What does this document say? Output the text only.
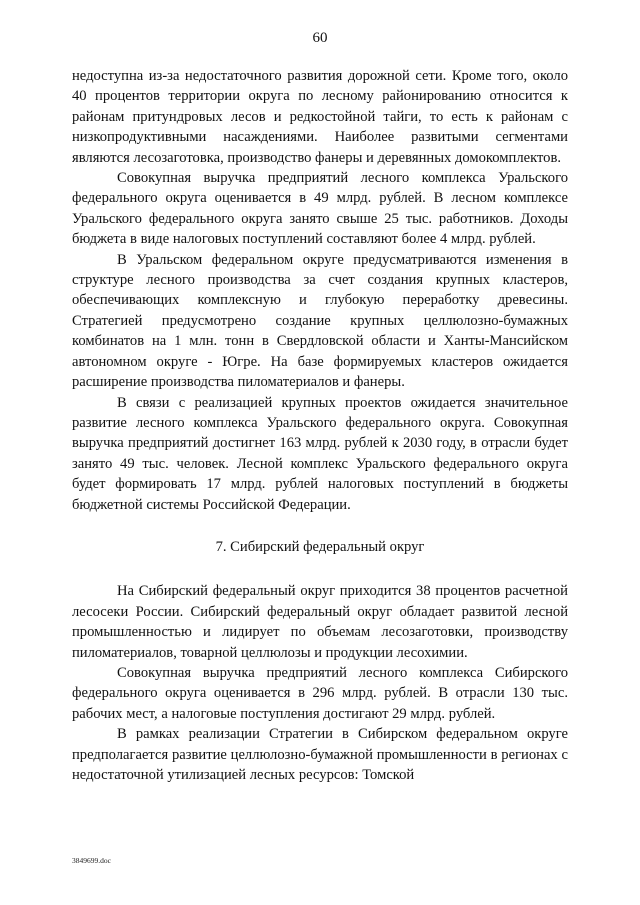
60

недоступна из-за недостаточного развития дорожной сети. Кроме того, около 40 процентов территории округа по лесному районированию относится к районам притундровых лесов и редкостойной тайги, то есть к районам с низкопродуктивными насаждениями. Наиболее развитыми сегментами являются лесозаготовка, производство фанеры и деревянных домокомплектов.

Совокупная выручка предприятий лесного комплекса Уральского федерального округа оценивается в 49 млрд. рублей. В лесном комплексе Уральского федерального округа занято свыше 25 тыс. работников. Доходы бюджета в виде налоговых поступлений составляют более 4 млрд. рублей.

В Уральском федеральном округе предусматриваются изменения в структуре лесного производства за счет создания крупных кластеров, обеспечивающих комплексную и глубокую переработку древесины. Стратегией предусмотрено создание крупных целлюлозно-бумажных комбинатов на 1 млн. тонн в Свердловской области и Ханты-Мансийском автономном округе - Югре. На базе формируемых кластеров ожидается расширение производства пиломатериалов и фанеры.

В связи с реализацией крупных проектов ожидается значительное развитие лесного комплекса Уральского федерального округа. Совокупная выручка предприятий достигнет 163 млрд. рублей к 2030 году, в отрасли будет занято 49 тыс. человек. Лесной комплекс Уральского федерального округа будет формировать 17 млрд. рублей налоговых поступлений в бюджеты бюджетной системы Российской Федерации.

7. Сибирский федеральный округ

На Сибирский федеральный округ приходится 38 процентов расчетной лесосеки России. Сибирский федеральный округ обладает развитой лесной промышленностью и лидирует по объемам лесозаготовки, производству пиломатериалов, товарной целлюлозы и продукции лесохимии.

Совокупная выручка предприятий лесного комплекса Сибирского федерального округа оценивается в 296 млрд. рублей. В отрасли 130 тыс. рабочих мест, а налоговые поступления достигают 29 млрд. рублей.

В рамках реализации Стратегии в Сибирском федеральном округе предполагается развитие целлюлозно-бумажной промышленности в регионах с недостаточной утилизацией лесных ресурсов: Томской

3849699.doc
